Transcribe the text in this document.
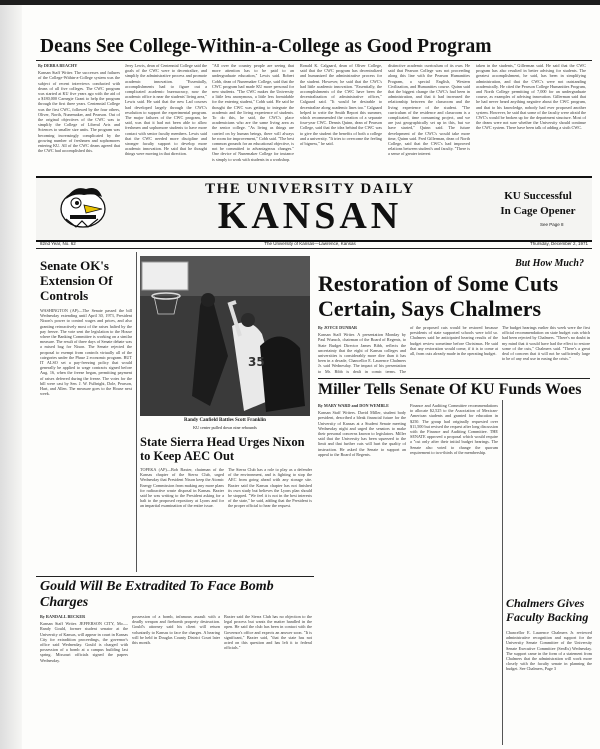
Deans See College-Within-a-College as Good Program
By DEBRA BEACHY
Kansan Staff Writer. The successes and failures of the College-Within-a-College system was the subject of recent interviews conducted with deans of all five colleges. The CWC program was started at KU five years ago with the aid of a $180,000 Carnegie Grant to help the program through the first three years. Centennial College was the first CWC, followed by the four others, Oliver, North, Nunemaker, and Pearson. Out of the original objectives of the CWC was to simplify the College of Liberal Arts and Sciences to smaller size units. The program was becoming increasingly complicated by the growing number of freshmen and sophomores entering KU. All of the CWC deans agreed that the CWC had accomplished this.
Jerry Lewis, dean of Centennial College said the goals of the CWC were to decentralize, and simplify the administrative process and promote academic innovation. "Essentially, accomplishments had to figure out a complicated academic bureaucracy, now the academic office is near the students' living area," Lewis said. He said that the new Lad courses had developed largely through the CWC's resolution to support the experimental program. The major failures of the CWC program, he said, was that it had not been able to allow freshmen and sophomore students to have more contact with senior faculty members. Lewis said that the CWC needed more discipline and stronger faculty support to develop more academic innovation. He said that he thought things were moving in that direction.
"All over the country people are seeing that more attention has to be paid to an undergraduate education," Lewis said. Robert Cobb, dean of Nunemaker College, said that the CWC program had made KU more personal for new students. "The CWC makes the University a little less anonymous, a little less formidable for the entering student," Cobb said. He said he thought the CWC was getting to integrate the academic and the living experience of students. To do this, he said, the CWC's place academicians who are the same living area as the senior college. "As living as things are carried on by human beings, there will always be room for improvement," Cobb said. "The best common grounds for an educational objective, is not be committed to advantageous changes." One device of Nunemaker College for instance is simply to work with students in a workshop.
Ronald K. Calgaard, dean of Oliver College, said that the CWC program has decentralized and humanized the administrative process for the student. However, he said that the CWC's had little academic innovation. "Essentially, the accomplishments of the CWC have been the decentralization of administrative offices," Calgaard said. "It would be desirable to decentralize along academic lines too." Calgaard helped to write the Smith Report this summer, which recommended the creation of a separate four-year CWC. Dennis Quinn, dean of Pearson College, said that the idea behind the CWC was to give the student the benefits of both a college and a university. "It tries to overcome the feeling of bigness," he said.
distinctive academic curriculum of its own. He said that Pearson College was not proceeding along this line with the Pearson Humanities Program, a special English, Western Civilization, and Humanities course. Quinn said that the biggest change the CWC's had been in administration, and that it had increased the relationship between the classroom and the living experience of the student. "The curriculum of the residence and classroom is a complicated, time consuming project, and we are just geographically set up in this, but we have started," Quinn said. The future development of the CWC's would take more time, Quinn said. Fred Gillerman, dean of North College, said that the CWC's had improved relations between student's and faculty. "There is a sense of greater interest
taken in the students," Gillerman said. He said that the CWC program has also resulted in better advising for students. The greatest accomplishment, he said, has been in simplifying administration, and that the CWC's were not outstanding academically. He cited the Pearson College Humanities Program, and North College permitting of 7,000 for an undergraduate course, as examples of advising innovation. Gillerman said that he had never heard anything negative about the CWC program, and that to his knowledge, nobody had ever proposed another system. However, he said that some of the faculty were afraid the CWC's would be broken up for the department structure. Most of the deans were not sure whether the University should continue the CWC system. There have been talk of adding a sixth CWC.
THE UNIVERSITY DAILY
KANSAN	KU Successful
In Cage Opener
See Page 8
82nd Year, No. 62	The University of Kansas—Lawrence, Kansas	Thursday, December 2, 1971
Senate OK's Extension Of Controls
WASHINGTON (AP)—The Senate passed the bill Wednesday extending until April 30, 1973, President Nixon's power to control wages and prices, and also granting retroactively most of the raises halted by the pay freeze. The vote sent the legislation to the House where the Banking Committee is working on a similar measure. The result of three days of Senate debate was a mixed bag for Nixon. The Senate rejected the proposal to exempt from controls virtually all of the categories under the Phase 2 economic program. BUT IT ALSO set a pay-freezing policy that would generally be applied to wage contracts signed before Aug. 16, when the freeze began, permitting payment of raises deferred during the freeze. The votes for the bill were cast by Sen. J. W. Fulbright, Dole, Pearson, Hart, and Allen. The measure goes to the House next week.
35
Randy Canfield Battles Scott Franklin
KU center pulled down nine rebounds
But How Much?
Restoration of Some Cuts Certain, Says Chalmers
By JOYCE DUNBAR
Kansan Staff Writer. A presentation Monday by Paul Wunsch, chairman of the Board of Regents, to State Budget Director James Bibb, reflects the uncertainty that the eight of Kansas colleges and universities is considerably more dire than it has been in a decade, Chancellor E. Laurence Chalmers Jr. said Wednesday. The impact of his presentation to Mr. Bibb is dealt in comic terms. The
of the proposed cuts would be restored because presidents of state supported schools were told so. Chalmers said he anticipated hearing results of the budget review sometime before Christmas. He said that any restoration would come, if it is to come at all, from cuts already made in the operating budget.
The budget hearings earlier this week were the first official recommendation on state budget cuts which had been rejected by Chalmers. "There's no doubt in my mind that it would have had the effect to restore some of the cuts," Chalmers said. "There's a great deal of concern that it will not be sufficiently large to be of any real use in easing the crisis."
State Sierra Head Urges Nixon to Keep AEC Out
TOPEKA (AP)—Bob Baxter, chairman of the Kansas chapter of the Sierra Club, urged Wednesday that President Nixon keep the Atomic Energy Commission from making any more plans for radioactive waste disposal in Kansas. Baxter said he was writing to the President asking for a halt to the proposed repository at Lyons and for an impartial examination of the entire issue.
The Sierra Club has a role to play as a defender of the environment, and is fighting to stop the AEC from going ahead with any storage site. Baxter said the Kansas chapter has not finished its own study but believes the Lyons plan should be stopped. "We feel it is not in the best interests of the state," he said, adding that the President is the proper official to hear the request.
Miller Tells Senate Of KU Funds Woes
By MARY WARD and DON WEMBLE
Kansan Staff Writers. David Miller, student body president, described a bleak financial future for the University of Kansas at a Student Senate meeting Wednesday night and urged the senators to make their personal concerns known to legislators. Miller said that the University has been squeezed to the limit and that further cuts will hurt the quality of instruction. He asked the Senate to support an appeal to the Board of Regents.
Finance and Auditing Committee recommendations to allocate $2,525 to the Association of Mexican-American students and granted for education in $250. The group had originally requested over $11,500 but revised the request after long discussion with the Finance and Auditing Committee. THE SENATE approved a proposal which would require a "cut only after their initial budget hearings. The Senate also voted to change the quorum requirement to two-thirds of the membership.
Gould Will Be Extradited To Face Bomb Charges
By RANDALL BECKER
Kansan Staff Writer. JEFFERSON CITY, Mo.—Randy Gould, former student senator at the University of Kansas, will appear in court in Kansas City for extradition proceedings, the governor's office said Wednesday. Gould is charged with possession of a bomb at a campus building last spring. Missouri officials signed the papers Wednesday.
possession of a bomb, infamous assault with a deadly weapon and firebomb property destruction. Gould's attorney said his client will return voluntarily to Kansas to face the charges. A hearing will be held in Douglas County District Court later this month.
Baxter said the Sierra Club has no objection to the legal process but wants the matter handled in the open. He said the club has been in contact with the Governor's office and expects an answer soon. "It is significant," Baxter said, "that the state has not acted on this question and has left it to federal officials."
Chalmers Gives Faculty Backing
Chancellor E. Laurence Chalmers Jr. reviewed administrative recognition and support for the University Senate Committee of the University Senate Executive Committee (SenEx) Wednesday. The support came in the form of a statement from Chalmers that the administration will work more closely with the faculty senate in planning the budget. See Chalmers, Page 3
